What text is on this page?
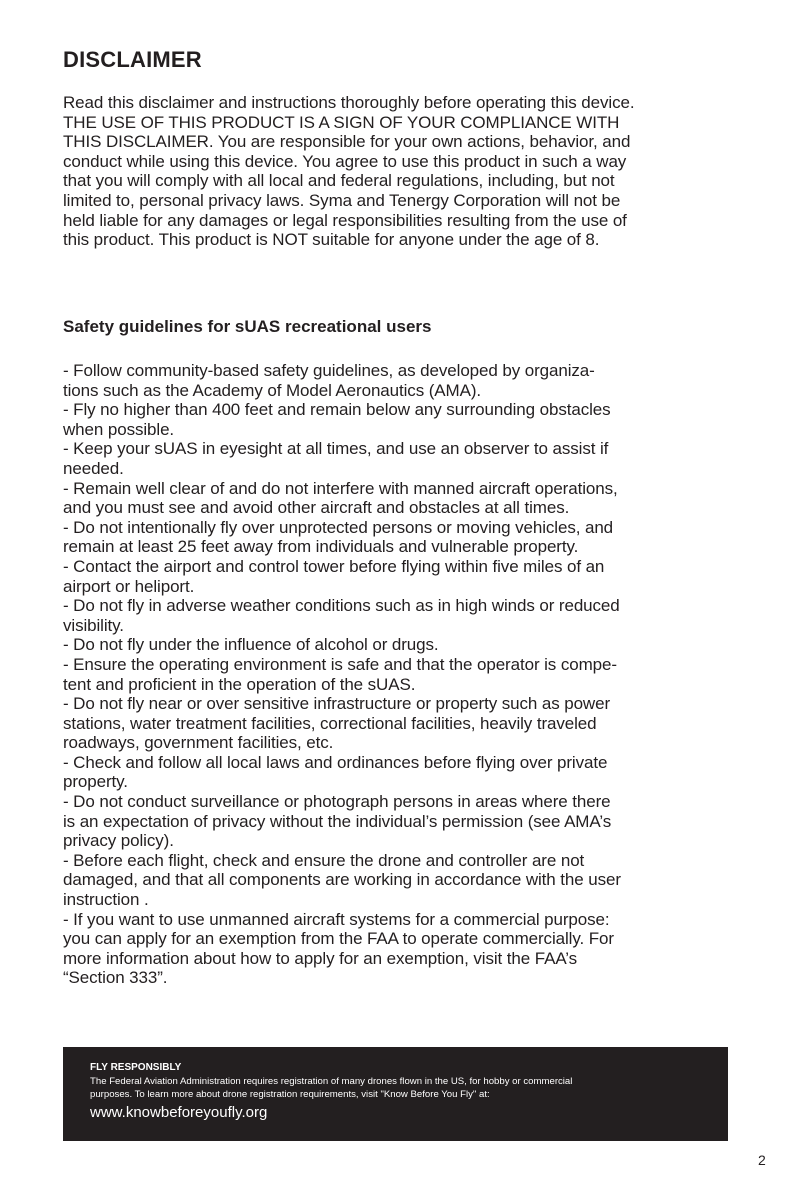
DISCLAIMER

Read this disclaimer and instructions thoroughly before operating this device.
THE USE OF THIS PRODUCT IS A SIGN OF YOUR COMPLIANCE WITH
THIS DISCLAIMER. You are responsible for your own actions, behavior, and
conduct while using this device. You agree to use this product in such a way
that you will comply with all local and federal regulations, including, but not
limited to, personal privacy laws. Syma and Tenergy Corporation will not be
held liable for any damages or legal responsibilities resulting from the use of
this product. This product is NOT suitable for anyone under the age of 8.

Safety guidelines for sUAS recreational users

- Follow community-based safety guidelines, as developed by organiza-
tions such as the Academy of Model Aeronautics (AMA).
- Fly no higher than 400 feet and remain below any surrounding obstacles
when possible.
- Keep your sUAS in eyesight at all times, and use an observer to assist if
needed.
- Remain well clear of and do not interfere with manned aircraft operations,
and you must see and avoid other aircraft and obstacles at all times.
- Do not intentionally fly over unprotected persons or moving vehicles, and
remain at least 25 feet away from individuals and vulnerable property.
- Contact the airport and control tower before flying within five miles of an
airport or heliport.
- Do not fly in adverse weather conditions such as in high winds or reduced
visibility.
- Do not fly under the influence of alcohol or drugs.
- Ensure the operating environment is safe and that the operator is compe-
tent and proficient in the operation of the sUAS.
- Do not fly near or over sensitive infrastructure or property such as power
stations, water treatment facilities, correctional facilities, heavily traveled
roadways, government facilities, etc.
- Check and follow all local laws and ordinances before flying over private
property.
- Do not conduct surveillance or photograph persons in areas where there
is an expectation of privacy without the individual’s permission (see AMA’s
privacy policy).
- Before each flight, check and ensure the drone and controller are not
damaged, and that all components are working in accordance with the user
instruction .
- If you want to use unmanned aircraft systems for a commercial purpose:
you can apply for an exemption from the FAA to operate commercially. For
more information about how to apply for an exemption, visit the FAA’s
“Section 333”.

FLY RESPONSIBLY

The Federal Aviation Administration requires registration of many drones flown in the US, for hobby or commercial
purposes. To learn more about drone registration requirements, visit "Know Before You Fly" at:

www.knowbeforeyoufly.org

2
